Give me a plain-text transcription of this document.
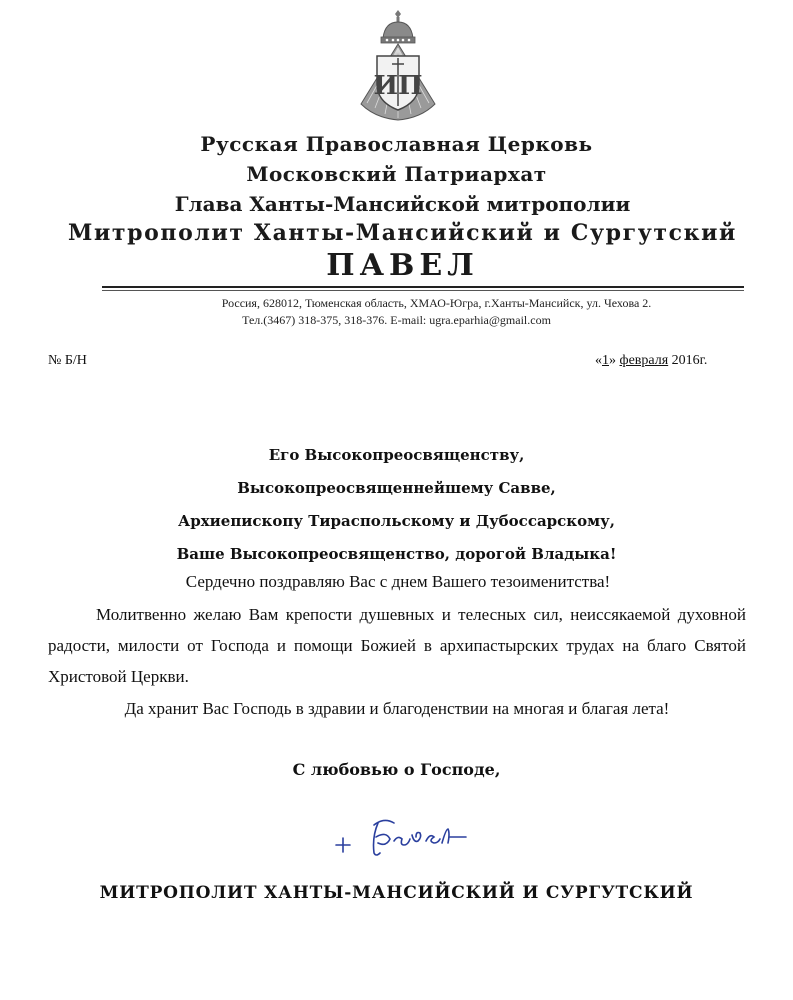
ИП
Русская Православная Церковь
Московский Патриархат
Глава Ханты-Мансийской митрополии
Митрополит Ханты-Мансийский и Сургутский
ПАВЕЛ
Россия, 628012, Тюменская область, ХМАО-Югра, г.Ханты-Мансийск, ул. Чехова 2.
Тел.(3467) 318-375, 318-376. E-mail: ugra.eparhia@gmail.com
№ Б/Н	«1» февраля 2016г.
Его Высокопреосвященству,
Высокопреосвященнейшему Савве,
Архиепископу Тираспольскому и Дубоссарскому,
Ваше Высокопреосвященство, дорогой Владыка!
Сердечно поздравляю Вас с днем Вашего тезоименитства!
Молитвенно желаю Вам крепости душевных и телесных сил, неиссякаемой духовной радости, милости от Господа и помощи Божией в архипастырских трудах на благо Святой Христовой Церкви.
Да хранит Вас Господь в здравии и благоденствии на многая и благая лета!
С любовью о Господе,
МИТРОПОЛИТ ХАНТЫ-МАНСИЙСКИЙ И СУРГУТСКИЙ
